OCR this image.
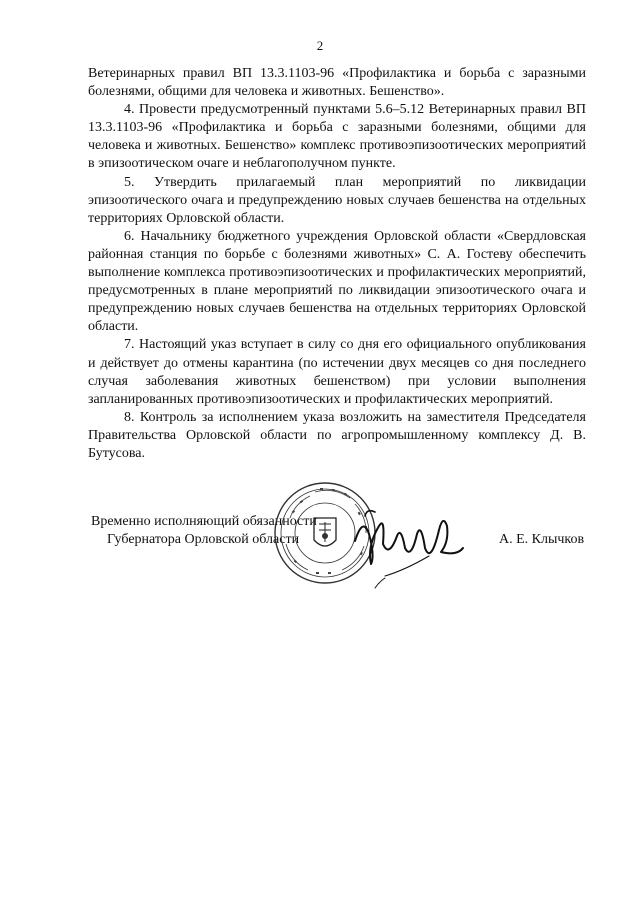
2

Ветеринарных правил ВП 13.3.1103-96 «Профилактика и борьба с заразными болезнями, общими для человека и животных. Бешенство».

4. Провести предусмотренный пунктами 5.6–5.12 Ветеринарных правил ВП 13.3.1103-96 «Профилактика и борьба с заразными болезнями, общими для человека и животных. Бешенство» комплекс противоэпизоотических мероприятий в эпизоотическом очаге и неблагополучном пункте.

5. Утвердить прилагаемый план мероприятий по ликвидации эпизоотического очага и предупреждению новых случаев бешенства на отдельных территориях Орловской области.

6. Начальнику бюджетного учреждения Орловской области «Свердловская районная станция по борьбе с болезнями животных» С. А. Гостеву обеспечить выполнение комплекса противоэпизоотических и профилактических мероприятий, предусмотренных в плане мероприятий по ликвидации эпизоотического очага и предупреждению новых случаев бешенства на отдельных территориях Орловской области.

7. Настоящий указ вступает в силу со дня его официального опубликования и действует до отмены карантина (по истечении двух месяцев со дня последнего случая заболевания животных бешенством) при условии выполнения запланированных противоэпизоотических и профилактических мероприятий.

8. Контроль за исполнением указа возложить на заместителя Председателя Правительства Орловской области по агропромышленному комплексу Д. В. Бутусова.

Временно исполняющий обязанности
Губернатора Орловской области	А. Е. Клычков
